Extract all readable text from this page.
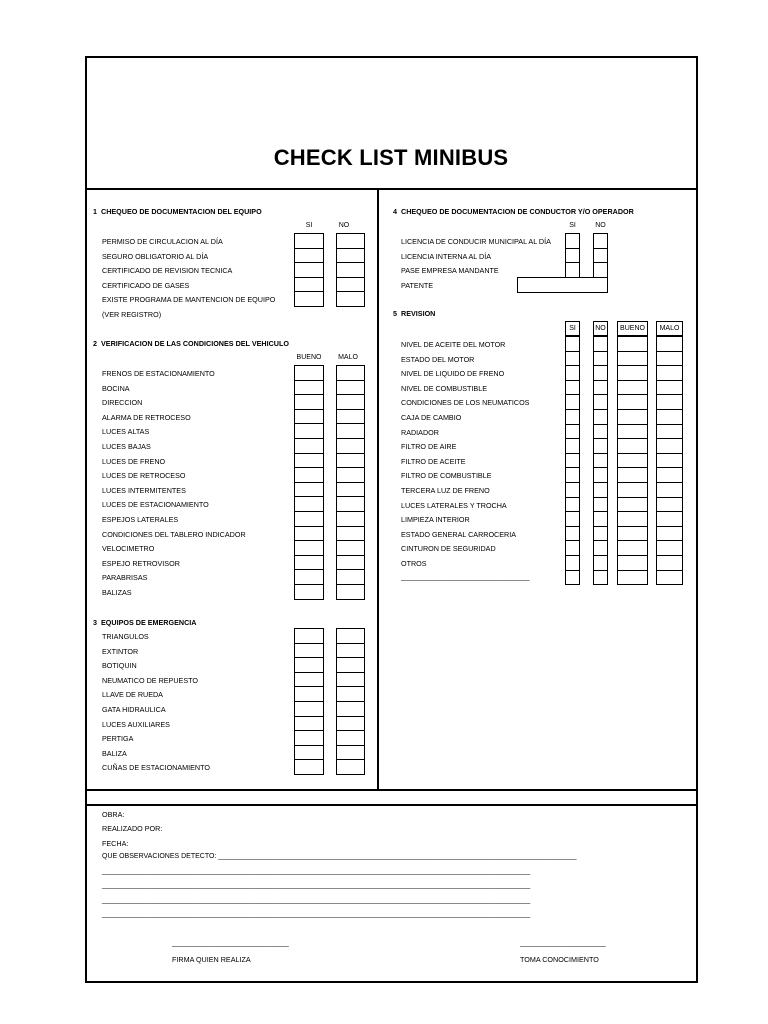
CHECK LIST MINIBUS
1 CHEQUEO DE DOCUMENTACION DEL EQUIPO
SI	NO
PERMISO DE CIRCULACION AL DÍA
SEGURO OBLIGATORIO AL DÍA
CERTIFICADO DE REVISION TECNICA
CERTIFICADO DE GASES
EXISTE PROGRAMA DE MANTENCION DE EQUIPO
(VER REGISTRO)
2 VERIFICACION DE LAS CONDICIONES DEL VEHICULO
BUENO	MALO
FRENOS DE ESTACIONAMIENTO
BOCINA
DIRECCION
ALARMA DE RETROCESO
LUCES ALTAS
LUCES BAJAS
LUCES DE FRENO
LUCES DE RETROCESO
LUCES INTERMITENTES
LUCES DE ESTACIONAMIENTO
ESPEJOS LATERALES
CONDICIONES DEL TABLERO INDICADOR
VELOCIMETRO
ESPEJO RETROVISOR
PARABRISAS
BALIZAS
3 EQUIPOS DE EMERGENCIA
TRIANGULOS
EXTINTOR
BOTIQUIN
NEUMATICO DE REPUESTO
LLAVE DE RUEDA
GATA HIDRAULICA
LUCES AUXILIARES
PERTIGA
BALIZA
CUÑAS DE ESTACIONAMIENTO
4 CHEQUEO DE DOCUMENTACION DE CONDUCTOR Y/O OPERADOR
SI	NO
LICENCIA DE CONDUCIR MUNICIPAL AL DÍA
LICENCIA INTERNA AL DÍA
PASE EMPRESA MANDANTE
PATENTE
5 REVISION
SI	NO	BUENO	MALO
NIVEL DE ACEITE DEL MOTOR
ESTADO DEL MOTOR
NIVEL DE LIQUIDO DE FRENO
NIVEL DE COMBUSTIBLE
CONDICIONES DE LOS NEUMATICOS
CAJA DE CAMBIO
RADIADOR
FILTRO DE AIRE
FILTRO DE ACEITE
FILTRO DE COMBUSTIBLE
TERCERA LUZ DE FRENO
LUCES LATERALES Y TROCHA
LIMPIEZA INTERIOR
ESTADO GENERAL CARROCERIA
CINTURON DE SEGURIDAD
OTROS
_________________________________
OBRA:
REALIZADO POR:
FECHA:
QUE OBSERVACIONES DETECTO: ____________________________________________________________________________________________
______________________________________________________________________________________________________________
______________________________________________________________________________________________________________
______________________________________________________________________________________________________________
______________________________________________________________________________________________________________
______________________________
FIRMA QUIEN REALIZA
______________________
TOMA CONOCIMIENTO
